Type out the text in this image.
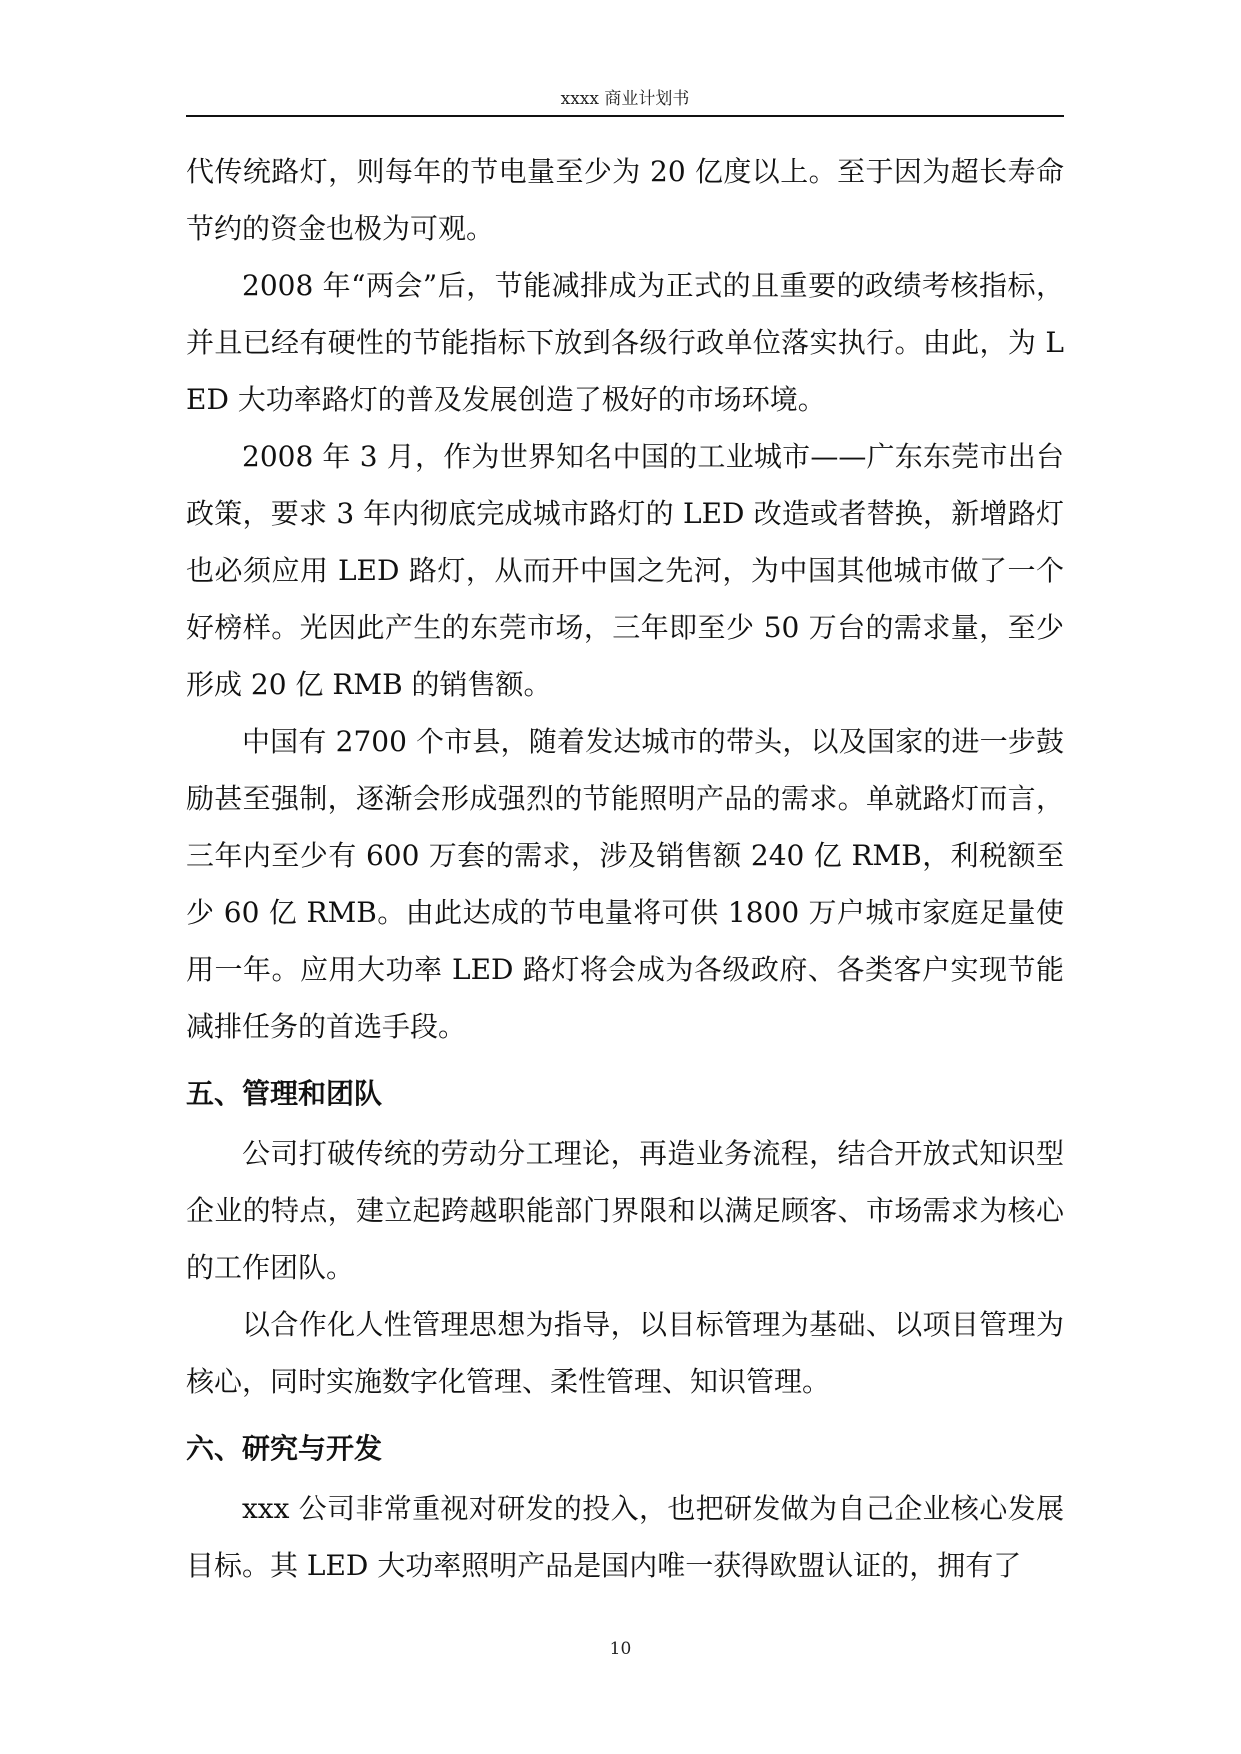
xxxx 商业计划书

代传统路灯，则每年的节电量至少为 20 亿度以上。至于因为超长寿命节约的资金也极为可观。

2008 年“两会”后，节能减排成为正式的且重要的政绩考核指标，并且已经有硬性的节能指标下放到各级行政单位落实执行。由此，为 LED 大功率路灯的普及发展创造了极好的市场环境。

2008 年 3 月，作为世界知名中国的工业城市——广东东莞市出台政策，要求 3 年内彻底完成城市路灯的 LED 改造或者替换，新增路灯也必须应用 LED 路灯，从而开中国之先河，为中国其他城市做了一个好榜样。光因此产生的东莞市场，三年即至少 50 万台的需求量，至少形成 20 亿 RMB 的销售额。

中国有 2700 个市县，随着发达城市的带头，以及国家的进一步鼓励甚至强制，逐渐会形成强烈的节能照明产品的需求。单就路灯而言，三年内至少有 600 万套的需求，涉及销售额 240 亿 RMB，利税额至少 60 亿 RMB。由此达成的节电量将可供 1800 万户城市家庭足量使用一年。应用大功率 LED 路灯将会成为各级政府、各类客户实现节能减排任务的首选手段。

五、管理和团队

公司打破传统的劳动分工理论，再造业务流程，结合开放式知识型企业的特点，建立起跨越职能部门界限和以满足顾客、市场需求为核心的工作团队。

以合作化人性管理思想为指导，以目标管理为基础、以项目管理为核心，同时实施数字化管理、柔性管理、知识管理。

六、研究与开发

xxx 公司非常重视对研发的投入，也把研发做为自己企业核心发展目标。其 LED 大功率照明产品是国内唯一获得欧盟认证的，拥有了

10
